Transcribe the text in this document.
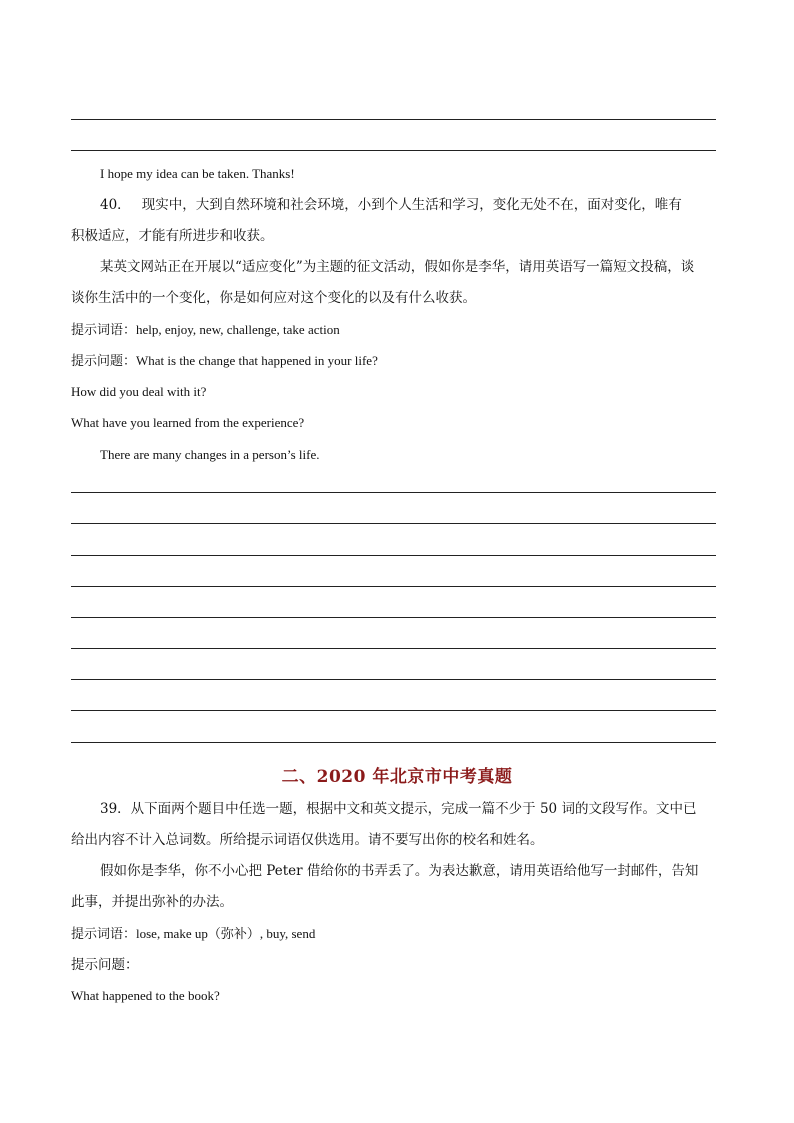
I hope my idea can be taken. Thanks!
40．　 现实中，大到自然环境和社会环境，小到个人生活和学习，变化无处不在，面对变化，唯有
积极适应，才能有所进步和收获。
某英文网站正在开展以“适应变化”为主题的征文活动，假如你是李华，请用英语写一篇短文投稿，谈
谈你生活中的一个变化，你是如何应对这个变化的以及有什么收获。
提示词语：help, enjoy, new, challenge, take action
提示问题：What is the change that happened in your life?
How did you deal with it?
What have you learned from the experience?
There are many changes in a person’s life.
二、2020 年北京市中考真题
39．从下面两个题目中任选一题，根据中文和英文提示，完成一篇不少于 50 词的文段写作。文中已
给出内容不计入总词数。所给提示词语仅供选用。请不要写出你的校名和姓名。
假如你是李华，你不小心把 Peter 借给你的书弄丢了。为表达歉意，请用英语给他写一封邮件，告知
此事，并提出弥补的办法。
提示词语：lose, make up（弥补）, buy, send
提示问题：
What happened to the book?
